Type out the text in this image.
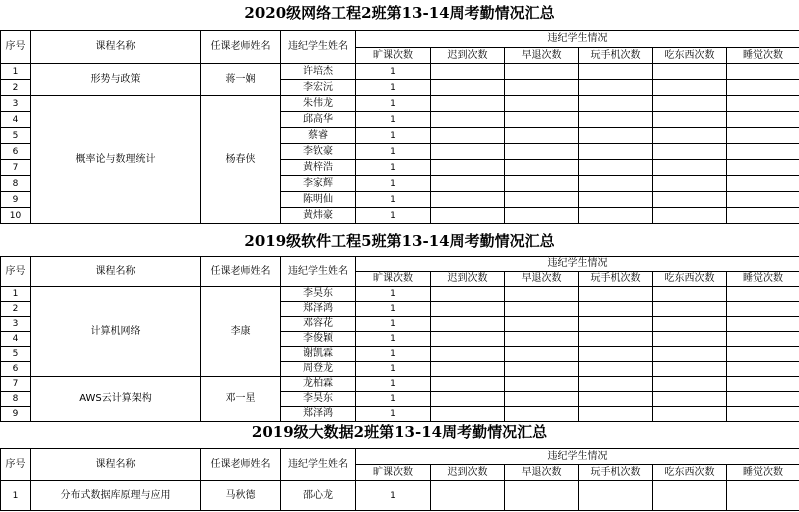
2020级网络工程2班第13-14周考勤情况汇总
序号	课程名称	任课老师姓名	违纪学生姓名	违纪学生情况					
				旷课次数	迟到次数	早退次数	玩手机次数	吃东西次数	睡觉次数
1	形势与政策	蒋一娴	许培杰	1					
2			李宏沅	1					
3	概率论与数理统计	杨春侠	朱伟龙	1					
4			邱高华	1					
5			蔡睿	1					
6			李钦豪	1					
7			黄梓浩	1					
8			李家辉	1					
9			陈明仙	1					
10			黄炜豪	1					
2019级软件工程5班第13-14周考勤情况汇总
序号	课程名称	任课老师姓名	违纪学生姓名	违纪学生情况					
				旷课次数	迟到次数	早退次数	玩手机次数	吃东西次数	睡觉次数
1	计算机网络	李康	李昊东	1					
2			郑泽鸿	1					
3			邓容花	1					
4			李俊颖	1					
5			谢凯霖	1					
6			周登龙	1					
7	AWS云计算架构	邓一星	龙柏霖	1					
8			李昊东	1					
9			郑泽鸿	1					
2019级大数据2班第13-14周考勤情况汇总
序号	课程名称	任课老师姓名	违纪学生姓名	违纪学生情况					
				旷课次数	迟到次数	早退次数	玩手机次数	吃东西次数	睡觉次数
1	分布式数据库原理与应用	马秋德	邵心龙	1					
